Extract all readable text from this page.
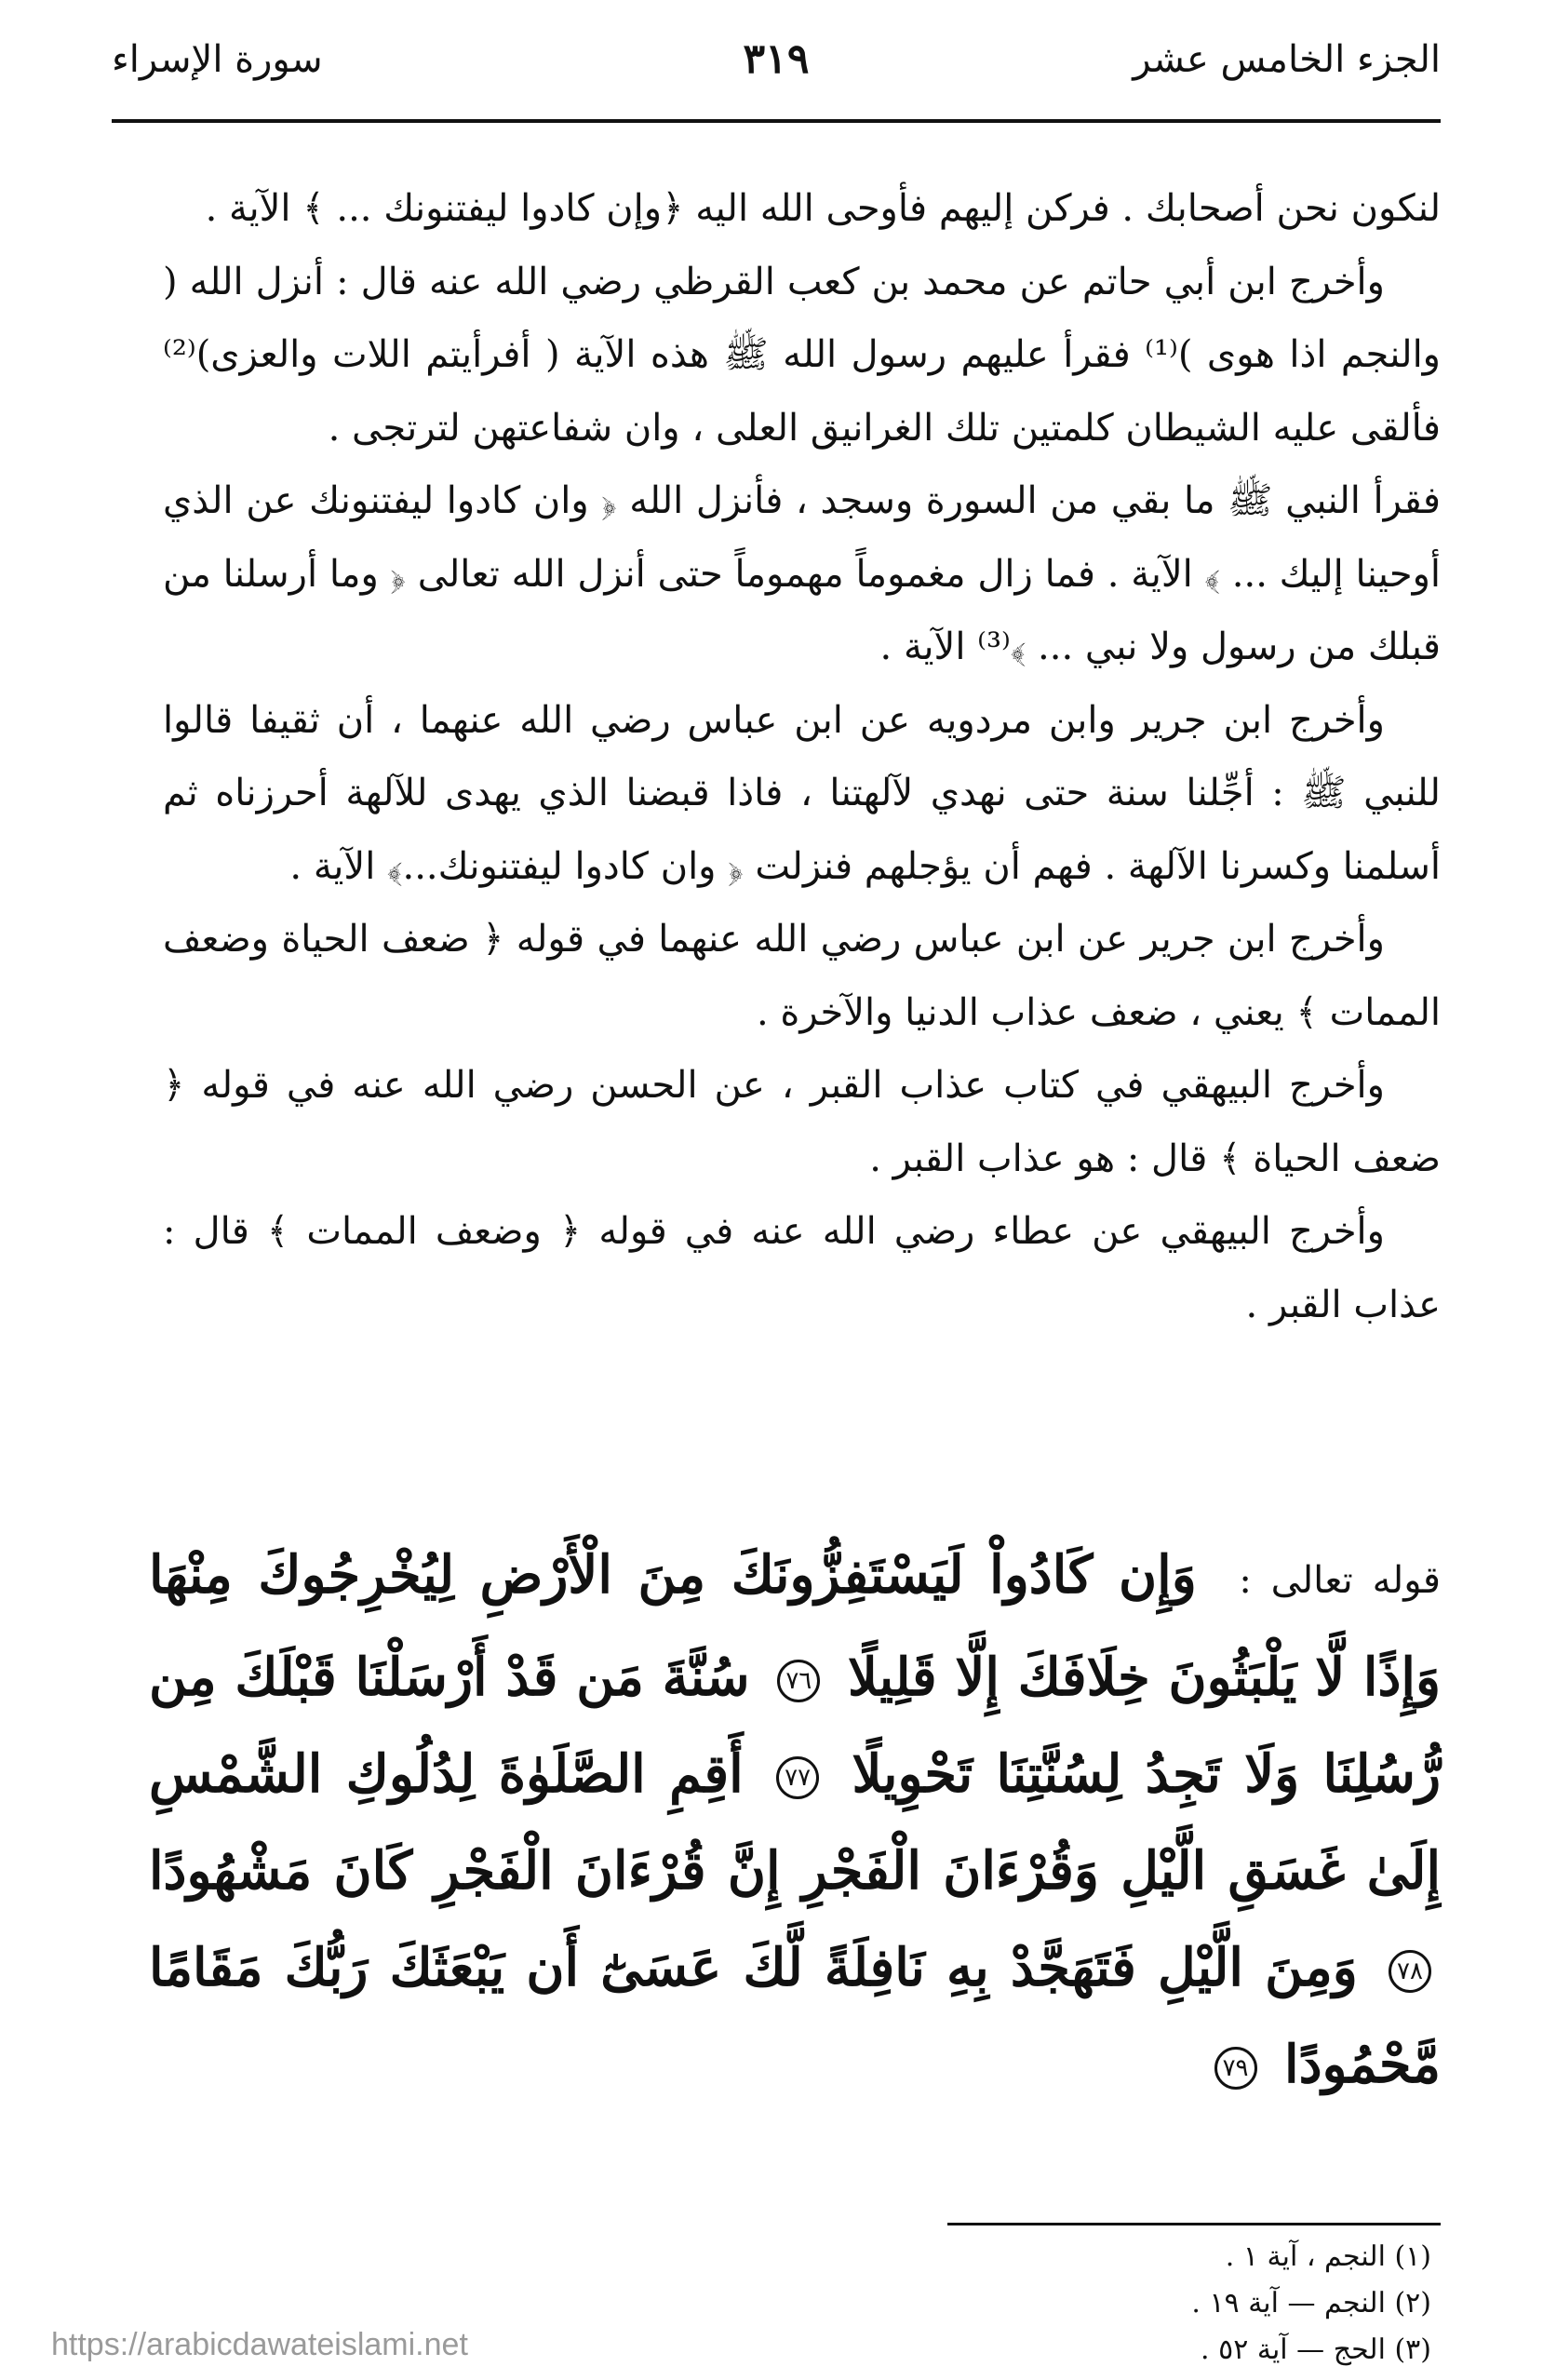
الجزء الخامس عشر
٣١٩
سورة الإسراء

لنكون نحن أصحابك . فركن إليهم فأوحى الله اليه ﴿وإن كادوا ليفتنونك ... ﴾ الآية .

وأخرج ابن أبي حاتم عن محمد بن كعب القرظي رضي الله عنه قال : أنزل الله ( والنجم اذا هوى )⁽¹⁾ فقرأ عليهم رسول الله ﷺ هذه الآية ( أفرأيتم اللات والعزى)⁽²⁾ فألقى عليه الشيطان كلمتين تلك الغرانيق العلى ، وان شفاعتهن لترتجى .

فقرأ النبي ﷺ ما بقي من السورة وسجد ، فأنزل الله ﴿ وان كادوا ليفتنونك عن الذي أوحينا إليك ... ﴾ الآية . فما زال مغموماً مهموماً حتى أنزل الله تعالى ﴿ وما أرسلنا من قبلك من رسول ولا نبي ... ﴾⁽³⁾ الآية .

وأخرج ابن جرير وابن مردويه عن ابن عباس رضي الله عنهما ، أن ثقيفا قالوا للنبي ﷺ : أجِّلنا سنة حتى نهدي لآلهتنا ، فاذا قبضنا الذي يهدى للآلهة أحرزناه ثم أسلمنا وكسرنا الآلهة . فهم أن يؤجلهم فنزلت ﴿ وان كادوا ليفتنونك...﴾ الآية .

وأخرج ابن جرير عن ابن عباس رضي الله عنهما في قوله ﴿ ضعف الحياة وضعف الممات ﴾ يعني ، ضعف عذاب الدنيا والآخرة .

وأخرج البيهقي في كتاب عذاب القبر ، عن الحسن رضي الله عنه في قوله ﴿ ضعف الحياة ﴾ قال : هو عذاب القبر .

وأخرج البيهقي عن عطاء رضي الله عنه في قوله ﴿ وضعف الممات ﴾ قال : عذاب القبر .

قوله تعالى : وَإِن كَادُواْ لَيَسْتَفِزُّونَكَ مِنَ الْأَرْضِ لِيُخْرِجُوكَ مِنْهَا وَإِذًا لَّا يَلْبَثُونَ خِلَافَكَ إِلَّا قَلِيلًا ٧٦ سُنَّةَ مَن قَدْ أَرْسَلْنَا قَبْلَكَ مِن رُّسُلِنَا وَلَا تَجِدُ لِسُنَّتِنَا تَحْوِيلًا ٧٧ أَقِمِ الصَّلَوٰةَ لِدُلُوكِ الشَّمْسِ إِلَىٰ غَسَقِ الَّيْلِ وَقُرْءَانَ الْفَجْرِ إِنَّ قُرْءَانَ الْفَجْرِ كَانَ مَشْهُودًا ٧٨ وَمِنَ الَّيْلِ فَتَهَجَّدْ بِهِ نَافِلَةً لَّكَ عَسَىٰٓ أَن يَبْعَثَكَ رَبُّكَ مَقَامًا مَّحْمُودًا ٧٩
(١) النجم ، آية ١ .
(٢) النجم — آية ١٩ .
(٣) الحج — آية ٥٢ .
https://arabicdawateislami.net
